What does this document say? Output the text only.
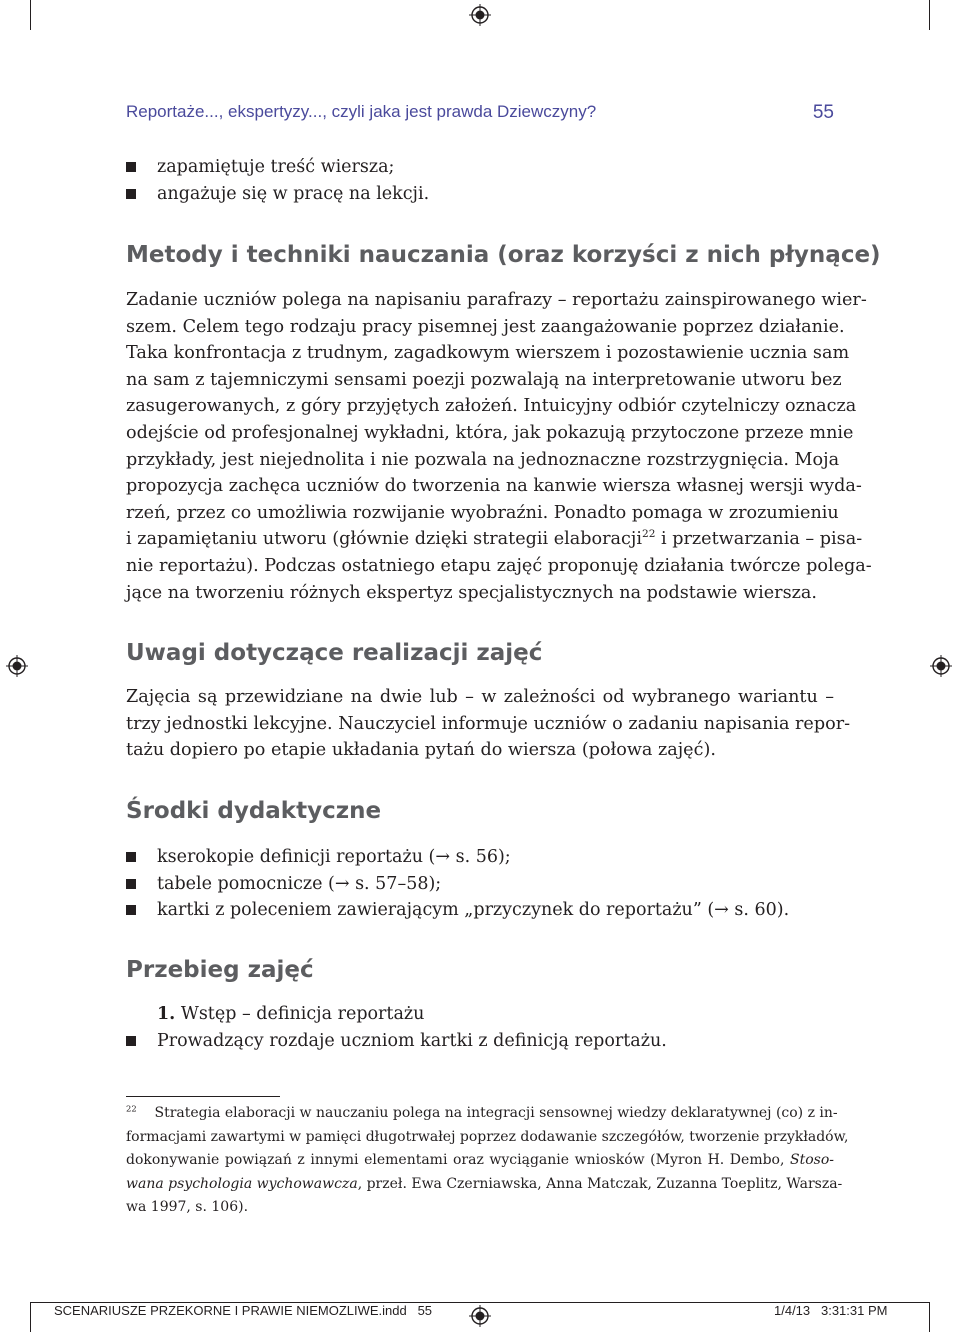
Reportaże..., ekspertyzy..., czyli jaka jest prawda Dziewczyny?	55
zapamiętuje treść wiersza;
angażuje się w pracę na lekcji.
Metody i techniki nauczania (oraz korzyści z nich płynące)
Zadanie uczniów polega na napisaniu parafrazy – reportażu zainspirowanego wier-
szem. Celem tego rodzaju pracy pisemnej jest zaangażowanie poprzez działanie.
Taka konfrontacja z trudnym, zagadkowym wierszem i pozostawienie ucznia sam
na sam z tajemniczymi sensami poezji pozwalają na interpretowanie utworu bez
zasugerowanych, z góry przyjętych założeń. Intuicyjny odbiór czytelniczy oznacza
odejście od profesjonalnej wykładni, która, jak pokazują przytoczone przeze mnie
przykłady, jest niejednolita i nie pozwala na jednoznaczne rozstrzygnięcia. Moja
propozycja zachęca uczniów do tworzenia na kanwie wiersza własnej wersji wyda-
rzeń, przez co umożliwia rozwijanie wyobraźni. Ponadto pomaga w zrozumieniu
i zapamiętaniu utworu (głównie dzięki strategii elaboracji$^{22}$ i przetwarzania – pisa-
nie reportażu). Podczas ostatniego etapu zajęć proponuję działania twórcze polega-
jące na tworzeniu różnych ekspertyz specjalistycznych na podstawie wiersza.
Uwagi dotyczące realizacji zajęć
Zajęcia są przewidziane na dwie lub – w zależności od wybranego wariantu –
trzy jednostki lekcyjne. Nauczyciel informuje uczniów o zadaniu napisania repor-
tażu dopiero po etapie układania pytań do wiersza (połowa zajęć).
Środki dydaktyczne
kserokopie definicji reportażu (→ s. 56);
tabele pomocnicze (→ s. 57–58);
kartki z poleceniem zawierającym „przyczynek do reportażu” (→ s. 60).
Przebieg zajęć
1. Wstęp – definicja reportażu
Prowadzący rozdaje uczniom kartki z definicją reportażu.
$^{22}$ Strategia elaboracji w nauczaniu polega na integracji sensownej wiedzy deklaratywnej (co) z in-
formacjami zawartymi w pamięci długotrwałej poprzez dodawanie szczegółów, tworzenie przykładów,
dokonywanie powiązań z innymi elementami oraz wyciąganie wniosków (Myron H. Dembo, Stoso-
wana psychologia wychowawcza, przeł. Ewa Czerniawska, Anna Matczak, Zuzanna Toeplitz, Warsza-
wa 1997, s. 106).
SCENARIUSZE PRZEKORNE I PRAWIE NIEMOZLIWE.indd   55	1/4/13   3:31:31 PM
